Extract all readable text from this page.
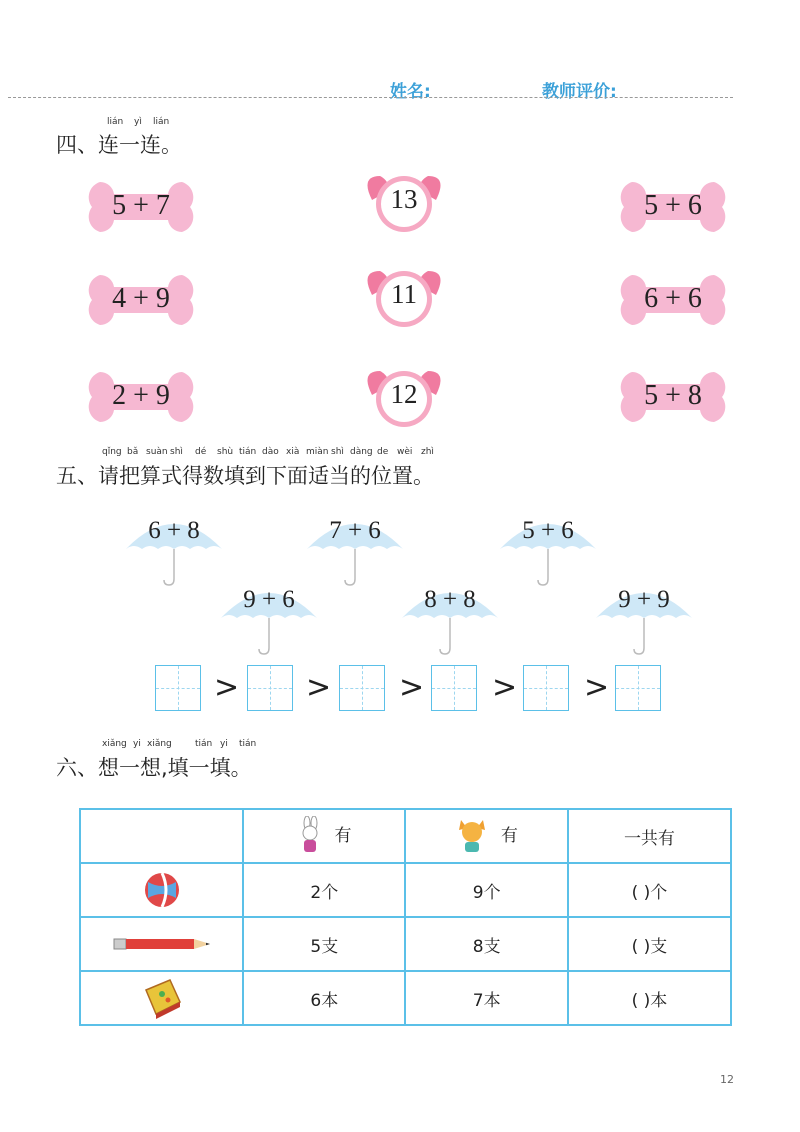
姓名:	教师评价:
lián yì lián
四、连一连。
5 + 7
4 + 9
2 + 9
5 + 6
6 + 6
5 + 8
13
11
12
qǐng bǎ suàn shì dé shù tián dào xià miàn shì dàng de wèi zhì
五、请把算式得数填到下面适当的位置。
6 + 8	7 + 6	5 + 6
9 + 6	8 + 8	9 + 9
> > > > >
xiǎng yi xiǎng	tián yi tián
六、想一想,填一填。
	有	有	一共有
	2个	9个	( )个
	5支	8支	( )支
	6本	7本	( )本
12
